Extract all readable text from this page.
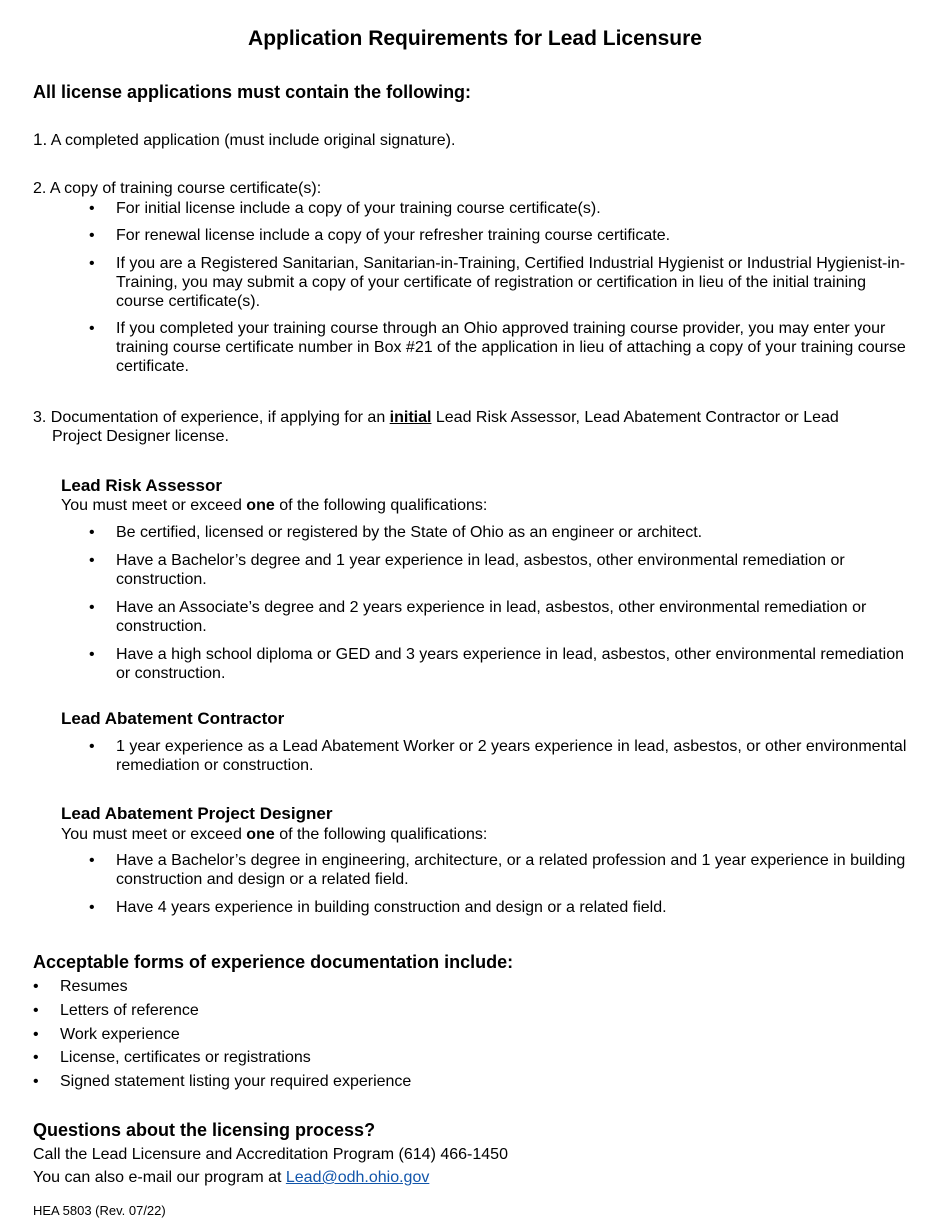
Application Requirements for Lead Licensure
All license applications must contain the following:
1. A completed application (must include original signature).
2. A copy of training course certificate(s):
• For initial license include a copy of your training course certificate(s).
• For renewal license include a copy of your refresher training course certificate.
• If you are a Registered Sanitarian, Sanitarian-in-Training, Certified Industrial Hygienist or Industrial Hygienist-in-Training, you may submit a copy of your certificate of registration or certification in lieu of the initial training course certificate(s).
• If you completed your training course through an Ohio approved training course provider, you may enter your training course certificate number in Box #21 of the application in lieu of attaching a copy of your training course certificate.
3. Documentation of experience, if applying for an initial Lead Risk Assessor, Lead Abatement Contractor or Lead
Project Designer license.
Lead Risk Assessor
You must meet or exceed one of the following qualifications:
• Be certified, licensed or registered by the State of Ohio as an engineer or architect.
• Have a Bachelor’s degree and 1 year experience in lead, asbestos, other environmental remediation or construction.
• Have an Associate’s degree and 2 years experience in lead, asbestos, other environmental remediation or construction.
• Have a high school diploma or GED and 3 years experience in lead, asbestos, other environmental remediation or construction.
Lead Abatement Contractor
• 1 year experience as a Lead Abatement Worker or 2 years experience in lead, asbestos, or other environmental remediation or construction.
Lead Abatement Project Designer
You must meet or exceed one of the following qualifications:
• Have a Bachelor’s degree in engineering, architecture, or a related profession and 1 year experience in building construction and design or a related field.
• Have 4 years experience in building construction and design or a related field.
Acceptable forms of experience documentation include:
• Resumes
• Letters of reference
• Work experience
• License, certificates or registrations
• Signed statement listing your required experience
Questions about the licensing process?
Call the Lead Licensure and Accreditation Program (614) 466-1450
You can also e-mail our program at Lead@odh.ohio.gov
HEA 5803 (Rev. 07/22)
